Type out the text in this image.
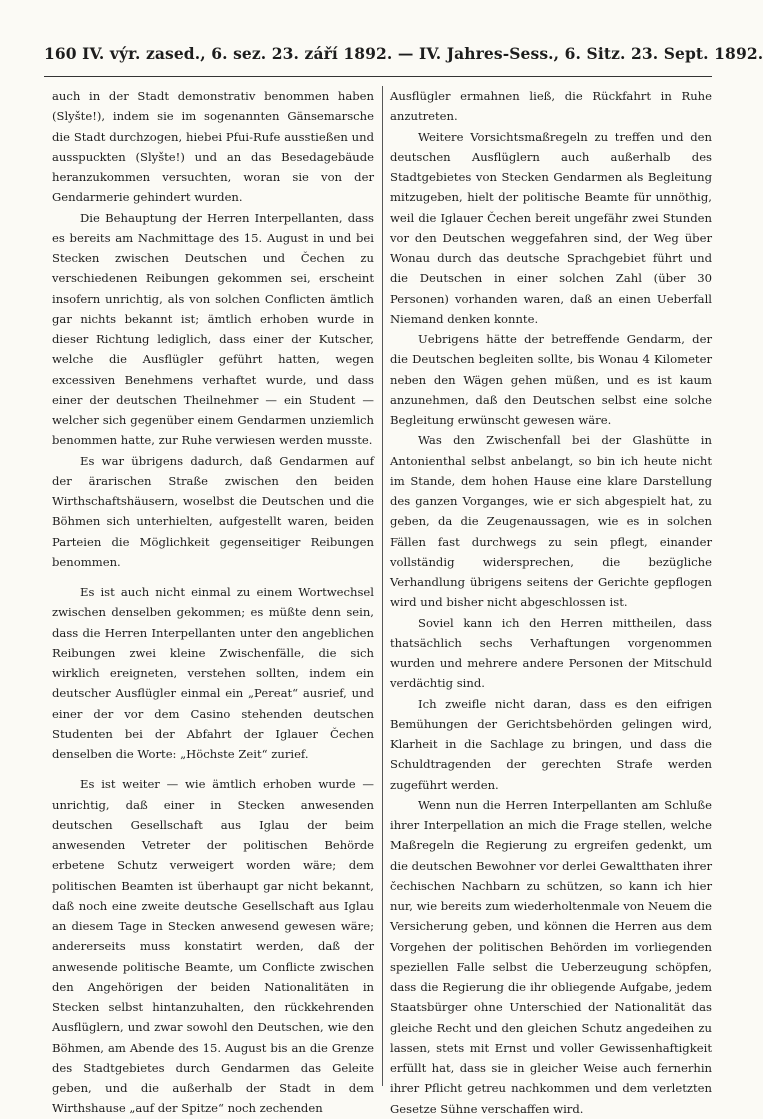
160 IV. výr. zased., 6. sez. 23. září 1892. — IV. Jahres-Sess., 6. Sitz. 23. Sept. 1892.

auch in der Stadt demonstrativ benommen haben (Slyšte!), indem sie im sogenannten Gänsemarsche die Stadt durchzogen, hiebei Pfui-Rufe ausstießen und ausspuckten (Slyšte!) und an das Besedagebäude heranzukommen versuchten, woran sie von der Gendarmerie gehindert wurden.

Die Behauptung der Herren Interpellanten, dass es bereits am Nachmittage des 15. August in und bei Stecken zwischen Deutschen und Čechen zu verschiedenen Reibungen gekommen sei, erscheint insofern unrichtig, als von solchen Conflicten ämtlich gar nichts bekannt ist; ämtlich erhoben wurde in dieser Richtung lediglich, dass einer der Kutscher, welche die Ausflügler geführt hatten, wegen excessiven Benehmens verhaftet wurde, und dass einer der deutschen Theilnehmer — ein Student — welcher sich gegenüber einem Gendarmen unziemlich benommen hatte, zur Ruhe verwiesen werden musste.

Es war übrigens dadurch, daß Gendarmen auf der ärarischen Straße zwischen den beiden Wirthschaftshäusern, woselbst die Deutschen und die Böhmen sich unterhielten, aufgestellt waren, beiden Parteien die Möglichkeit gegenseitiger Reibungen benommen.

Es ist auch nicht einmal zu einem Wortwechsel zwischen denselben gekommen; es müßte denn sein, dass die Herren Interpellanten unter den angeblichen Reibungen zwei kleine Zwischenfälle, die sich wirklich ereigneten, verstehen sollten, indem ein deutscher Ausflügler einmal ein „Pereat“ ausrief, und einer der vor dem Casino stehenden deutschen Studenten bei der Abfahrt der Iglauer Čechen denselben die Worte: „Höchste Zeit“ zurief.

Es ist weiter — wie ämtlich erhoben wurde — unrichtig, daß einer in Stecken anwesenden deutschen Gesellschaft aus Iglau der beim anwesenden Vetreter der politischen Behörde erbetene Schutz verweigert worden wäre; dem politischen Beamten ist überhaupt gar nicht bekannt, daß noch eine zweite deutsche Gesellschaft aus Iglau an diesem Tage in Stecken anwesend gewesen wäre; andererseits muss konstatirt werden, daß der anwesende politische Beamte, um Conflicte zwischen den Angehörigen der beiden Nationalitäten in Stecken selbst hintanzuhalten, den rückkehrenden Ausflüglern, und zwar sowohl den Deutschen, wie den Böhmen, am Abende des 15. August bis an die Grenze des Stadtgebietes durch Gendarmen das Geleite geben, und die außerhalb der Stadt in dem Wirthshause „auf der Spitze“ noch zechenden

Ausflügler ermahnen ließ, die Rückfahrt in Ruhe anzutreten.

Weitere Vorsichtsmaßregeln zu treffen und den deutschen Ausflüglern auch außerhalb des Stadtgebietes von Stecken Gendarmen als Begleitung mitzugeben, hielt der politische Beamte für unnöthig, weil die Iglauer Čechen bereit ungefähr zwei Stunden vor den Deutschen weggefahren sind, der Weg über Wonau durch das deutsche Sprachgebiet führt und die Deutschen in einer solchen Zahl (über 30 Personen) vorhanden waren, daß an einen Ueberfall Niemand denken konnte.

Uebrigens hätte der betreffende Gendarm, der die Deutschen begleiten sollte, bis Wonau 4 Kilometer neben den Wägen gehen müßen, und es ist kaum anzunehmen, daß den Deutschen selbst eine solche Begleitung erwünscht gewesen wäre.

Was den Zwischenfall bei der Glashütte in Antonienthal selbst anbelangt, so bin ich heute nicht im Stande, dem hohen Hause eine klare Darstellung des ganzen Vorganges, wie er sich abgespielt hat, zu geben, da die Zeugenaussagen, wie es in solchen Fällen fast durchwegs zu sein pflegt, einander vollständig widersprechen, die bezügliche Verhandlung übrigens seitens der Gerichte gepflogen wird und bisher nicht abgeschlossen ist.

Soviel kann ich den Herren mittheilen, dass thatsächlich sechs Verhaftungen vorgenommen wurden und mehrere andere Personen der Mitschuld verdächtig sind.

Ich zweifle nicht daran, dass es den eifrigen Bemühungen der Gerichtsbehörden gelingen wird, Klarheit in die Sachlage zu bringen, und dass die Schuldtragenden der gerechten Strafe werden zugeführt werden.

Wenn nun die Herren Interpellanten am Schluße ihrer Interpellation an mich die Frage stellen, welche Maßregeln die Regierung zu ergreifen gedenkt, um die deutschen Bewohner vor derlei Gewaltthaten ihrer čechischen Nachbarn zu schützen, so kann ich hier nur, wie bereits zum wiederholtenmale von Neuem die Versicherung geben, und können die Herren aus dem Vorgehen der politischen Behörden im vorliegenden speziellen Falle selbst die Ueberzeugung schöpfen, dass die Regierung die ihr obliegende Aufgabe, jedem Staatsbürger ohne Unterschied der Nationalität das gleiche Recht und den gleichen Schutz angedeihen zu lassen, stets mit Ernst und voller Gewissenhaftigkeit erfüllt hat, dass sie in gleicher Weise auch fernerhin ihrer Pflicht getreu nachkommen und dem verletzten Gesetze Sühne verschaffen wird.
